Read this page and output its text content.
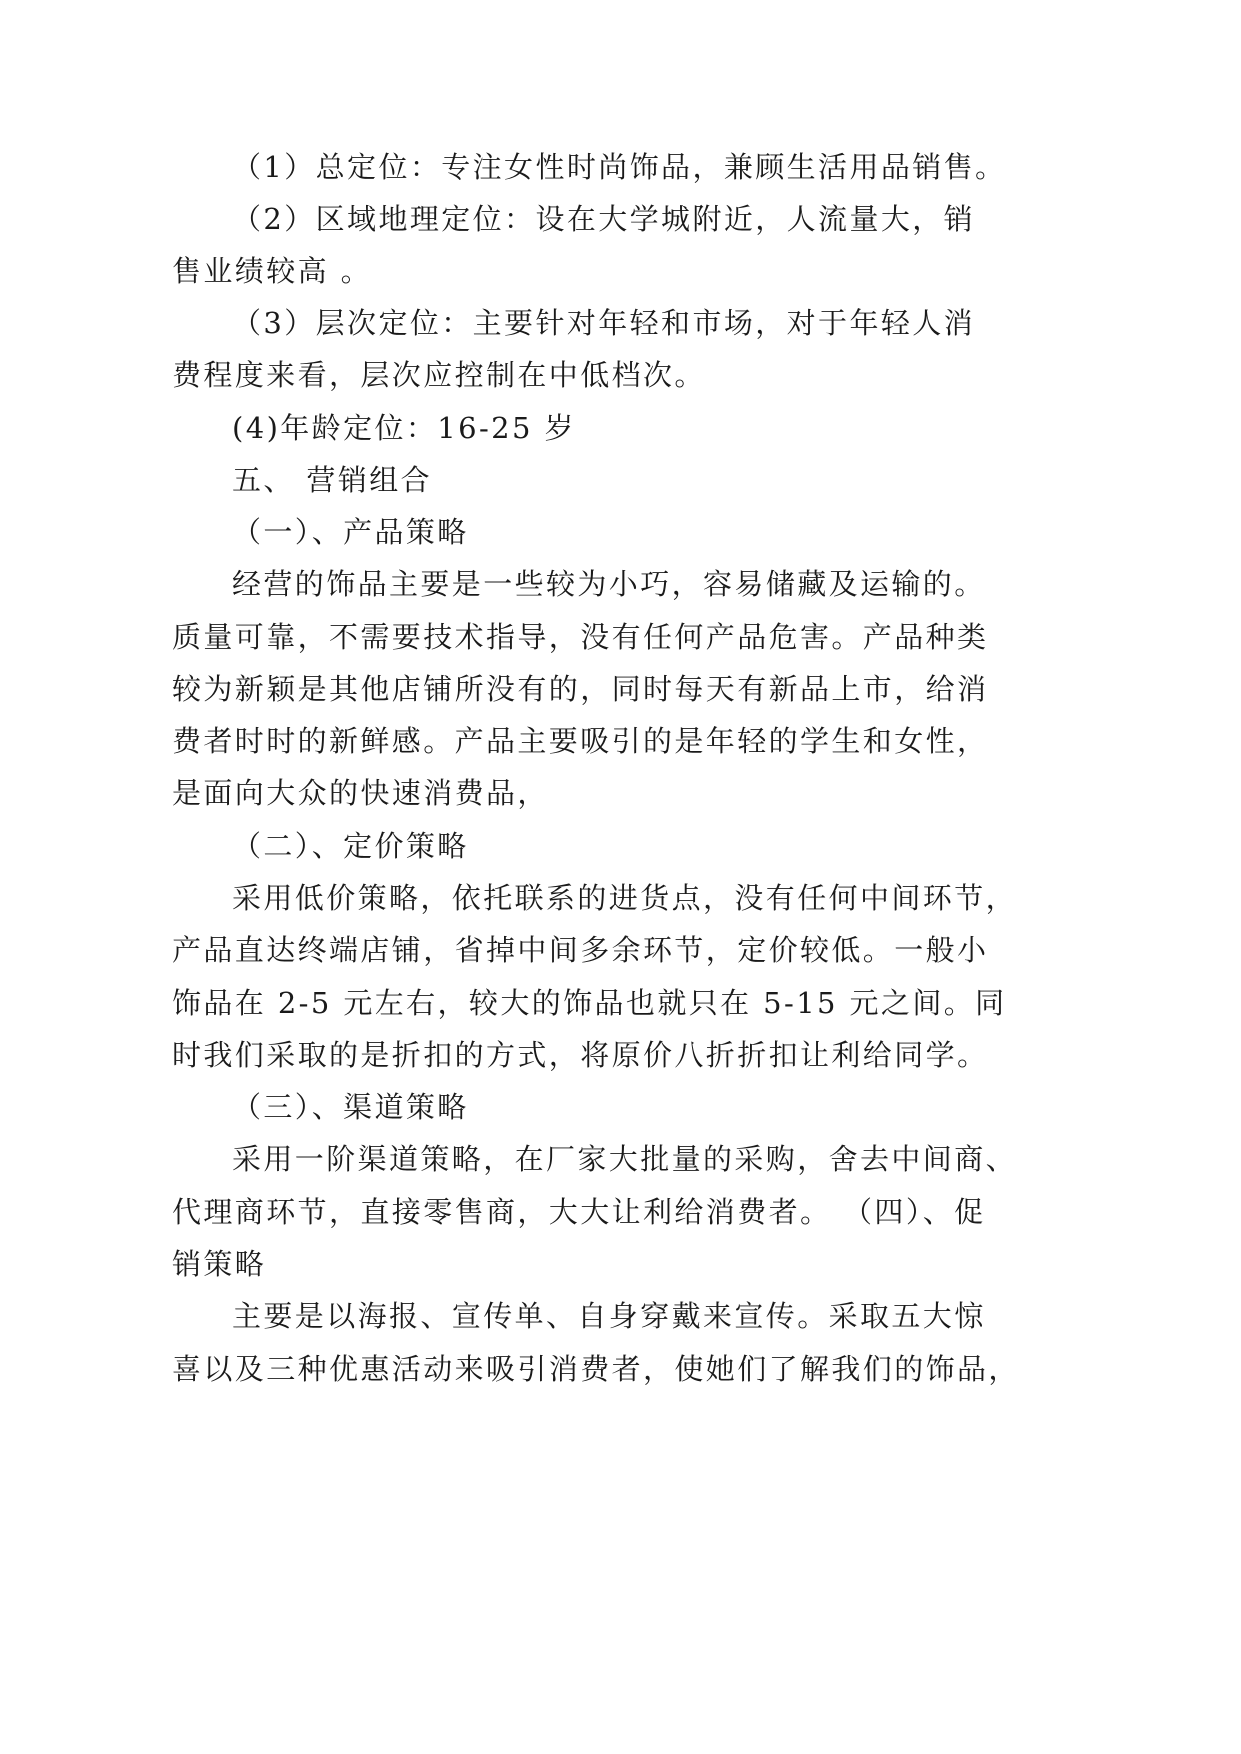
（1）总定位：专注女性时尚饰品，兼顾生活用品销售。
（2）区域地理定位：设在大学城附近，人流量大，销
售业绩较高 。
（3）层次定位：主要针对年轻和市场，对于年轻人消
费程度来看，层次应控制在中低档次。
(4)年龄定位：16-25 岁
五、 营销组合
（一）、产品策略
经营的饰品主要是一些较为小巧，容易储藏及运输的。
质量可靠，不需要技术指导，没有任何产品危害。产品种类
较为新颖是其他店铺所没有的，同时每天有新品上市，给消
费者时时的新鲜感。产品主要吸引的是年轻的学生和女性，
是面向大众的快速消费品，
（二）、定价策略
采用低价策略，依托联系的进货点，没有任何中间环节，
产品直达终端店铺，省掉中间多余环节，定价较低。一般小
饰品在 2-5 元左右，较大的饰品也就只在 5-15 元之间。同
时我们采取的是折扣的方式，将原价八折折扣让利给同学。
（三）、渠道策略
采用一阶渠道策略，在厂家大批量的采购，舍去中间商、
代理商环节，直接零售商，大大让利给消费者。 （四）、促
销策略
主要是以海报、宣传单、自身穿戴来宣传。采取五大惊
喜以及三种优惠活动来吸引消费者，使她们了解我们的饰品，
